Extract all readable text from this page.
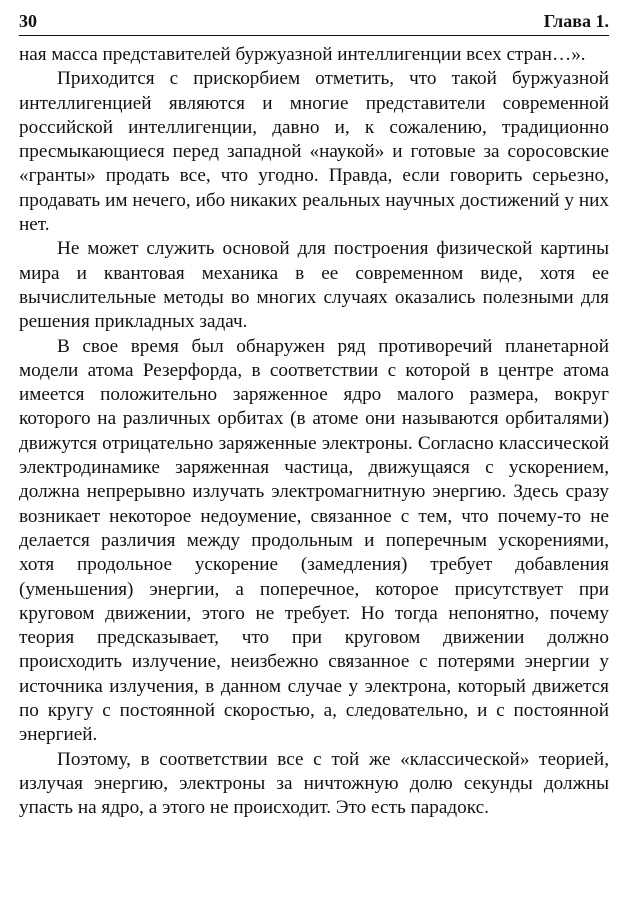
30	Глава 1.

ная масса представителей буржуазной интеллигенции всех стран…».

Приходится с прискорбием отметить, что такой буржуазной интеллигенцией являются и многие представители современной российской интеллигенции, давно и, к сожалению, традиционно пресмыкающиеся перед западной «наукой» и готовые за соросовские «гранты» продать все, что угодно. Правда, если говорить серьезно, продавать им нечего, ибо никаких реальных научных достижений у них нет.

Не может служить основой для построения физической картины мира и квантовая механика в ее современном виде, хотя ее вычислительные методы во многих случаях оказались полезными для решения прикладных задач.

В свое время был обнаружен ряд противоречий планетарной модели атома Резерфорда, в соответствии с которой в центре атома имеется положительно заряженное ядро малого размера, вокруг которого на различных орбитах (в атоме они называются орбиталями) движутся отрицательно заряженные электроны. Согласно классической электродинамике заряженная частица, движущаяся с ускорением, должна непрерывно излучать электромагнитную энергию. Здесь сразу возникает некоторое недоумение, связанное с тем, что почему-то не делается различия между продольным и поперечным ускорениями, хотя продольное ускорение (замедления) требует добавления (уменьшения) энергии, а поперечное, которое присутствует при круговом движении, этого не требует. Но тогда непонятно, почему теория предсказывает, что при круговом движении должно происходить излучение, неизбежно связанное с потерями энергии у источника излучения, в данном случае у электрона, который движется по кругу с постоянной скоростью, а, следовательно, и с постоянной энергией.

Поэтому, в соответствии все с той же «классической» теорией, излучая энергию, электроны за ничтожную долю секунды должны упасть на ядро, а этого не происходит. Это есть парадокс.
